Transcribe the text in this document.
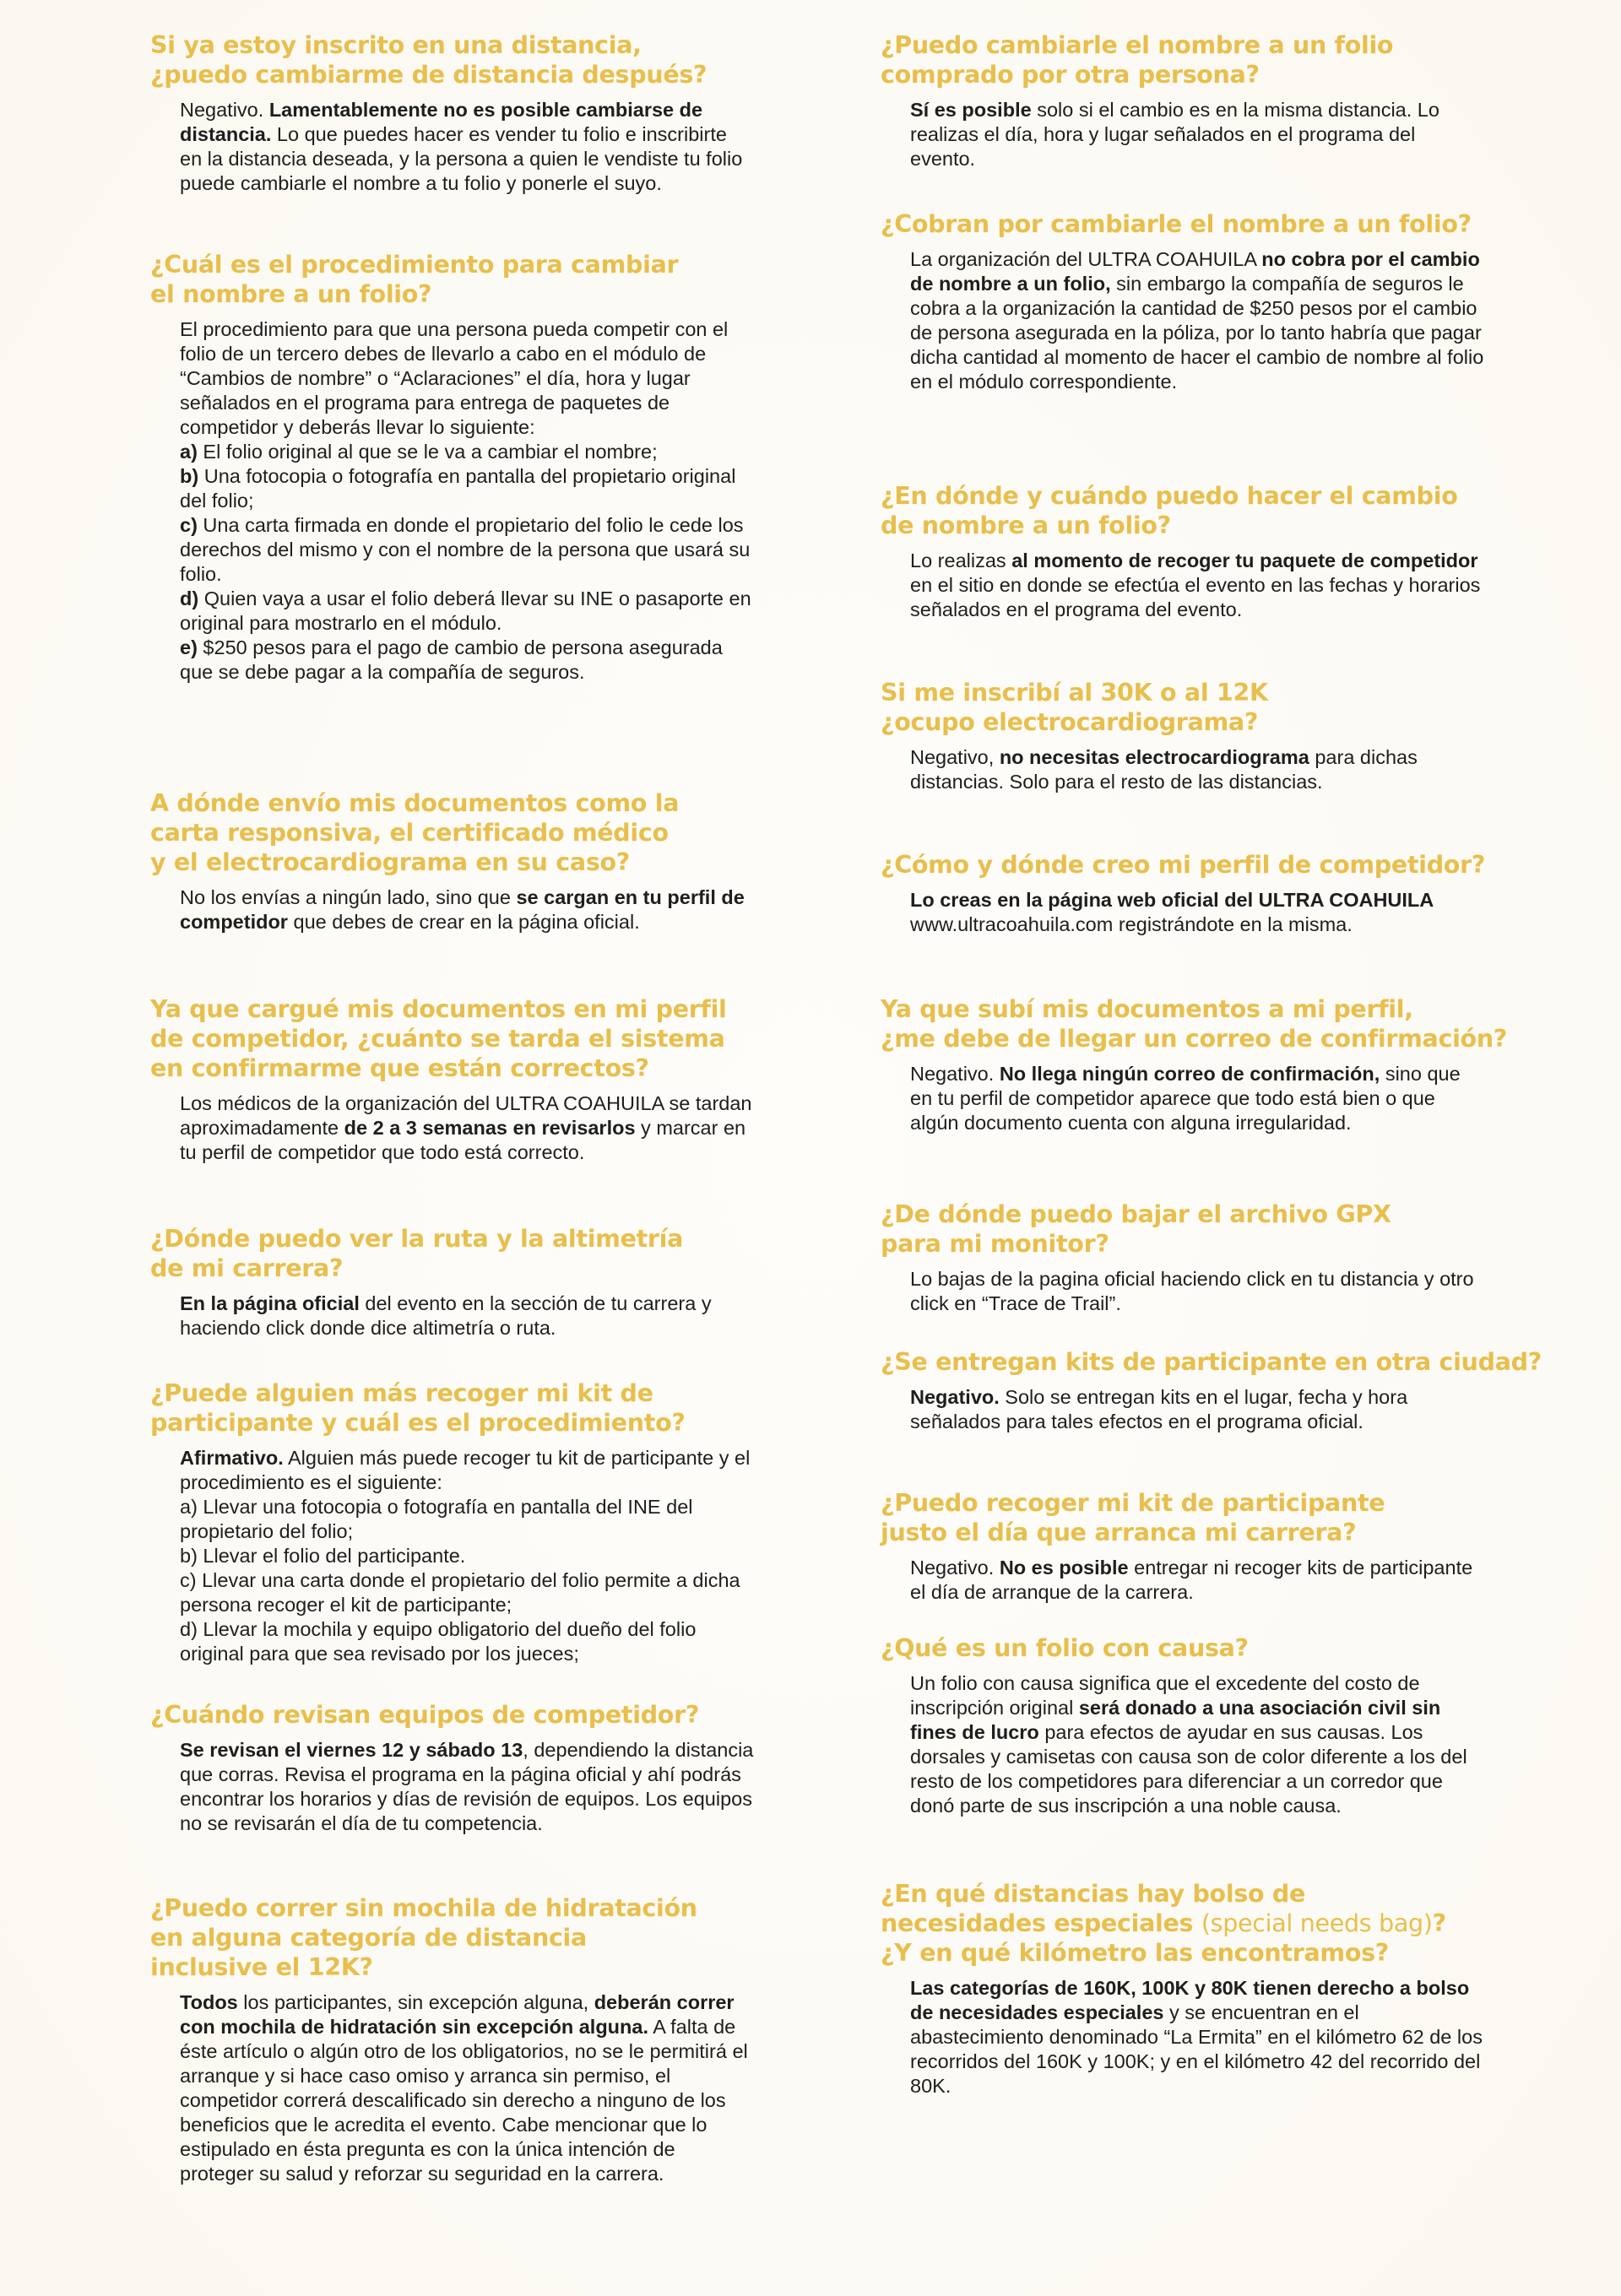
Si ya estoy inscrito en una distancia,
¿puedo cambiarme de distancia después?
Negativo. Lamentablemente no es posible cambiarse de distancia. Lo que puedes hacer es vender tu folio e inscribirte en la distancia deseada, y la persona a quien le vendiste tu folio puede cambiarle el nombre a tu folio y ponerle el suyo.
¿Cuál es el procedimiento para cambiar
el nombre a un folio?
El procedimiento para que una persona pueda competir con el folio de un tercero debes de llevarlo a cabo en el módulo de “Cambios de nombre” o “Aclaraciones” el día, hora y lugar señalados en el programa para entrega de paquetes de competidor y deberás llevar lo siguiente:
a) El folio original al que se le va a cambiar el nombre;
b) Una fotocopia o fotografía en pantalla del propietario original del folio;
c) Una carta firmada en donde el propietario del folio le cede los derechos del mismo y con el nombre de la persona que usará su folio.
d) Quien vaya a usar el folio deberá llevar su INE o pasaporte en original para mostrarlo en el módulo.
e) $250 pesos para el pago de cambio de persona asegurada que se debe pagar a la compañía de seguros.
A dónde envío mis documentos como la
carta responsiva, el certificado médico
y el electrocardiograma en su caso?
No los envías a ningún lado, sino que se cargan en tu perfil de competidor que debes de crear en la página oficial.
Ya que cargué mis documentos en mi perfil
de competidor, ¿cuánto se tarda el sistema
en confirmarme que están correctos?
Los médicos de la organización del ULTRA COAHUILA se tardan aproximadamente de 2 a 3 semanas en revisarlos y marcar en tu perfil de competidor que todo está correcto.
¿Dónde puedo ver la ruta y la altimetría
de mi carrera?
En la página oficial del evento en la sección de tu carrera y haciendo click donde dice altimetría o ruta.
¿Puede alguien más recoger mi kit de
participante y cuál es el procedimiento?
Afirmativo. Alguien más puede recoger tu kit de participante y el procedimiento es el siguiente:
a) Llevar una fotocopia o fotografía en pantalla del INE del propietario del folio;
b) Llevar el folio del participante.
c) Llevar una carta donde el propietario del folio permite a dicha persona recoger el kit de participante;
d) Llevar la mochila y equipo obligatorio del dueño del folio original para que sea revisado por los jueces;
¿Cuándo revisan equipos de competidor?
Se revisan el viernes 12 y sábado 13, dependiendo la distancia que corras. Revisa el programa en la página oficial y ahí podrás encontrar los horarios y días de revisión de equipos. Los equipos no se revisarán el día de tu competencia.
¿Puedo correr sin mochila de hidratación
en alguna categoría de distancia
inclusive el 12K?
Todos los participantes, sin excepción alguna, deberán correr con mochila de hidratación sin excepción alguna. A falta de éste artículo o algún otro de los obligatorios, no se le permitirá el arranque y si hace caso omiso y arranca sin permiso, el competidor correrá descalificado sin derecho a ninguno de los beneficios que le acredita el evento. Cabe mencionar que lo estipulado en ésta pregunta es con la única intención de proteger su salud y reforzar su seguridad en la carrera.
¿Puedo cambiarle el nombre a un folio
comprado por otra persona?
Sí es posible solo si el cambio es en la misma distancia. Lo realizas el día, hora y lugar señalados en el programa del evento.
¿Cobran por cambiarle el nombre a un folio?
La organización del ULTRA COAHUILA no cobra por el cambio de nombre a un folio, sin embargo la compañía de seguros le cobra a la organización la cantidad de $250 pesos por el cambio de persona asegurada en la póliza, por lo tanto habría que pagar dicha cantidad al momento de hacer el cambio de nombre al folio en el módulo correspondiente.
¿En dónde y cuándo puedo hacer el cambio
de nombre a un folio?
Lo realizas al momento de recoger tu paquete de competidor en el sitio en donde se efectúa el evento en las fechas y horarios señalados en el programa del evento.
Si me inscribí al 30K o al 12K
¿ocupo electrocardiograma?
Negativo, no necesitas electrocardiograma para dichas distancias. Solo para el resto de las distancias.
¿Cómo y dónde creo mi perfil de competidor?
Lo creas en la página web oficial del ULTRA COAHUILA www.ultracoahuila.com registrándote en la misma.
Ya que subí mis documentos a mi perfil,
¿me debe de llegar un correo de confirmación?
Negativo. No llega ningún correo de confirmación, sino que en tu perfil de competidor aparece que todo está bien o que algún documento cuenta con alguna irregularidad.
¿De dónde puedo bajar el archivo GPX
para mi monitor?
Lo bajas de la pagina oficial haciendo click en tu distancia y otro click en “Trace de Trail”.
¿Se entregan kits de participante en otra ciudad?
Negativo. Solo se entregan kits en el lugar, fecha y hora señalados para tales efectos en el programa oficial.
¿Puedo recoger mi kit de participante
justo el día que arranca mi carrera?
Negativo. No es posible entregar ni recoger kits de participante el día de arranque de la carrera.
¿Qué es un folio con causa?
Un folio con causa significa que el excedente del costo de inscripción original será donado a una asociación civil sin fines de lucro para efectos de ayudar en sus causas. Los dorsales y camisetas con causa son de color diferente a los del resto de los competidores para diferenciar a un corredor que donó parte de sus inscripción a una noble causa.
¿En qué distancias hay bolso de
necesidades especiales (special needs bag)?
¿Y en qué kilómetro las encontramos?
Las categorías de 160K, 100K y 80K tienen derecho a bolso de necesidades especiales y se encuentran en el abastecimiento denominado “La Ermita” en el kilómetro 62 de los recorridos del 160K y 100K; y en el kilómetro 42 del recorrido del 80K.
